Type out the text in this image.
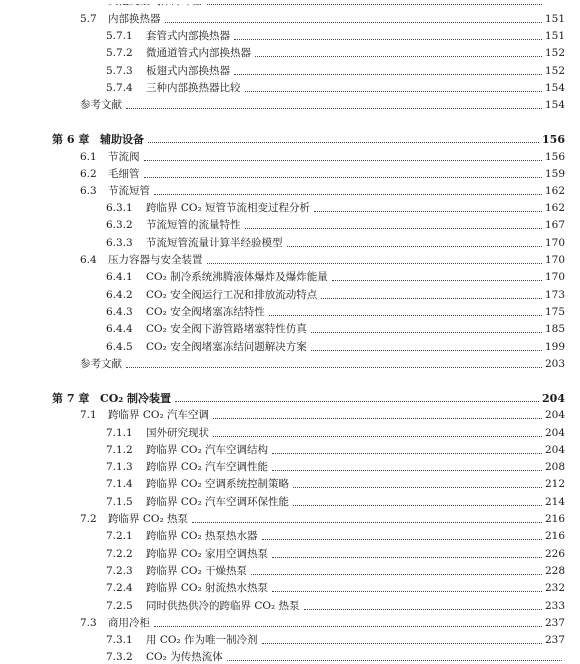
5.7	内部换热器	151
5.7.1	套管式内部换热器	151
5.7.2	微通道管式内部换热器	152
5.7.3	板翅式内部换热器	152
5.7.4	三种内部换热器比较	154
参考文献	154
第 6 章 辅助设备	156
6.1	节流阀	156
6.2	毛细管	159
6.3	节流短管	162
6.3.1	跨临界 CO₂ 短管节流相变过程分析	162
6.3.2	节流短管的流量特性	167
6.3.3	节流短管流量计算半经验模型	170
6.4	压力容器与安全装置	170
6.4.1	CO₂ 制冷系统沸腾液体爆炸及爆炸能量	170
6.4.2	CO₂ 安全阀运行工况和排放流动特点	173
6.4.3	CO₂ 安全阀堵塞冻结特性	175
6.4.4	CO₂ 安全阀下游管路堵塞特性仿真	185
6.4.5	CO₂ 安全阀堵塞冻结问题解决方案	199
参考文献	203
第 7 章 CO₂ 制冷装置	204
7.1	跨临界 CO₂ 汽车空调	204
7.1.1	国外研究现状	204
7.1.2	跨临界 CO₂ 汽车空调结构	204
7.1.3	跨临界 CO₂ 汽车空调性能	208
7.1.4	跨临界 CO₂ 空调系统控制策略	212
7.1.5	跨临界 CO₂ 汽车空调环保性能	214
7.2	跨临界 CO₂ 热泵	216
7.2.1	跨临界 CO₂ 热泵热水器	216
7.2.2	跨临界 CO₂ 家用空调热泵	226
7.2.3	跨临界 CO₂ 干燥热泵	228
7.2.4	跨临界 CO₂ 射流热水热泵	232
7.2.5	同时供热供冷的跨临界 CO₂ 热泵	233
7.3	商用冷柜	237
7.3.1	用 CO₂ 作为唯一制冷剂	237
7.3.2	CO₂ 为传热流体
